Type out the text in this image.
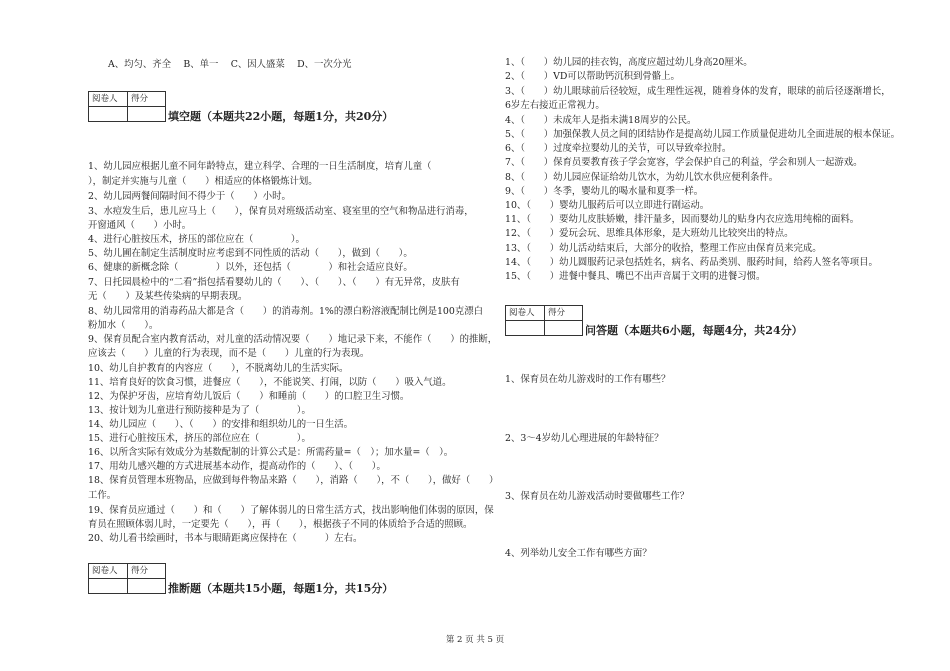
A、均匀、齐全　 B、单一　 C、因人盛菜　 D、一次分光
阅卷人	得分
填空题（本题共22小题，每题1分，共20分）
1、幼儿园应根据儿童不同年龄特点，建立科学、合理的一日生活制度，培育儿童（
），制定并实施与儿童（　　）相适应的体格锻炼计划。
2、幼儿园两餐间隔时间不得少于（　　）小时。
3、水痘发生后，患儿应马上（　　），保育员对班级活动室、寝室里的空气和物品进行消毒，
开窗通风（　　）小时。
4、进行心脏按压术，挤压的部位应在（　　　　）。
5、幼儿圃在制定生活制度时应考虑到不同性质的活动（　　），做到（　　）。
6、健康的新概念除（　　　　）以外，还包括（　　　　）和社会适应良好。
7、日托园晨检中的“二看”指包括看婴幼儿的（　　）、（　　）、（　　）有无异常，皮肤有
无（　　）及某些传染病的早期表现。
8、幼儿园常用的消毒药品大都是含（　　）的消毒剂。1%的漂白粉溶液配制比例是100克漂白
粉加水（　　）。
9、保育员配合室内教育活动，对儿童的活动情况要（　　）地记录下来，不能作（　　）的推断，
应该去（　　）儿童的行为表现，而不是（　　）儿童的行为表现。
10、幼儿自护教育的内容应（　　），不脱离幼儿的生活实际。
11、培育良好的饮食习惯，进餐应（　　），不能说笑、打闹，以防（　　）吸入气道。
12、为保护牙齿，应培育幼儿饭后（　　）和睡前（　　）的口腔卫生习惯。
13、按计划为儿童进行预防接种是为了（　　　　）。
14、幼儿园应（　　）、（　　）的安排和组织幼儿的一日生活。
15、进行心脏按压术，挤压的部位应在（　　　　）。
16、以所含实际有效成分为基数配制的计算公式是：所需药量=（　）；加水量=（　）。
17、用幼儿感兴趣的方式进展基本动作，提高动作的（　　）、（　　）。
18、保育员管理本班物品，应做到每件物品来路（　　），消路（　　），不（　　），做好（　　）
工作。
19、保育员应通过（　　）和（　　）了解体弱儿的日常生活方式，找出影响他们体弱的原因，保
育员在照顾体弱儿时，一定要先（　　），再（　　），根据孩子不同的体质给予合适的照顾。
20、幼儿看书绘画时，书本与眼睛距离应保持在（　　　）左右。
阅卷人	得分
推断题（本题共15小题，每题1分，共15分）
1、（　　）幼儿园的挂衣钩，高度应超过幼儿身高20厘米。
2、（　　）VD可以帮助钙沉积到骨骼上。
3、（　　）幼儿眼球前后径较短，成生理性远视，随着身体的发育，眼球的前后径逐渐增长，
6岁左右接近正常视力。
4、（　　）未成年人是指未满18周岁的公民。
5、（　　）加强保教人员之间的团结协作是提高幼儿园工作质量促进幼儿全面进展的根本保证。
6、（　　）过度牵拉婴幼儿的关节，可以导致牵拉肘。
7、（　　）保育员要教育孩子学会宽容，学会保护自己的利益，学会和别人一起游戏。
8、（　　）幼儿园应保证给幼儿饮水，为幼儿饮水供应便利条件。
9、（　　）冬季，婴幼儿的喝水量和夏季一样。
10、（　　）婴幼儿服药后可以立即进行剧运动。
11、（　　）要幼儿皮肤娇嫩，排汗量多，因而婴幼儿的贴身内衣应选用纯棉的面料。
12、（　　）爱玩会玩、思维具体形象，是大班幼儿比较突出的特点。
13、（　　）幼儿活动结束后，大部分的收拾，整理工作应由保育员来完成。
14、（　　）幼儿圆服药记录包括姓名，病名、药品类别、服药时间，给药人签名等项目。
15、（　　）进餐中餐具、嘴巴不出声音属于文明的进餐习惯。
阅卷人	得分
问答题（本题共6小题，每题4分，共24分）
1、保育员在幼儿游戏时的工作有哪些？
2、3～4岁幼儿心理进展的年龄特征？
3、保育员在幼儿游戏活动时要做哪些工作？
4、列举幼儿安全工作有哪些方面？
第 2 页 共 5 页
